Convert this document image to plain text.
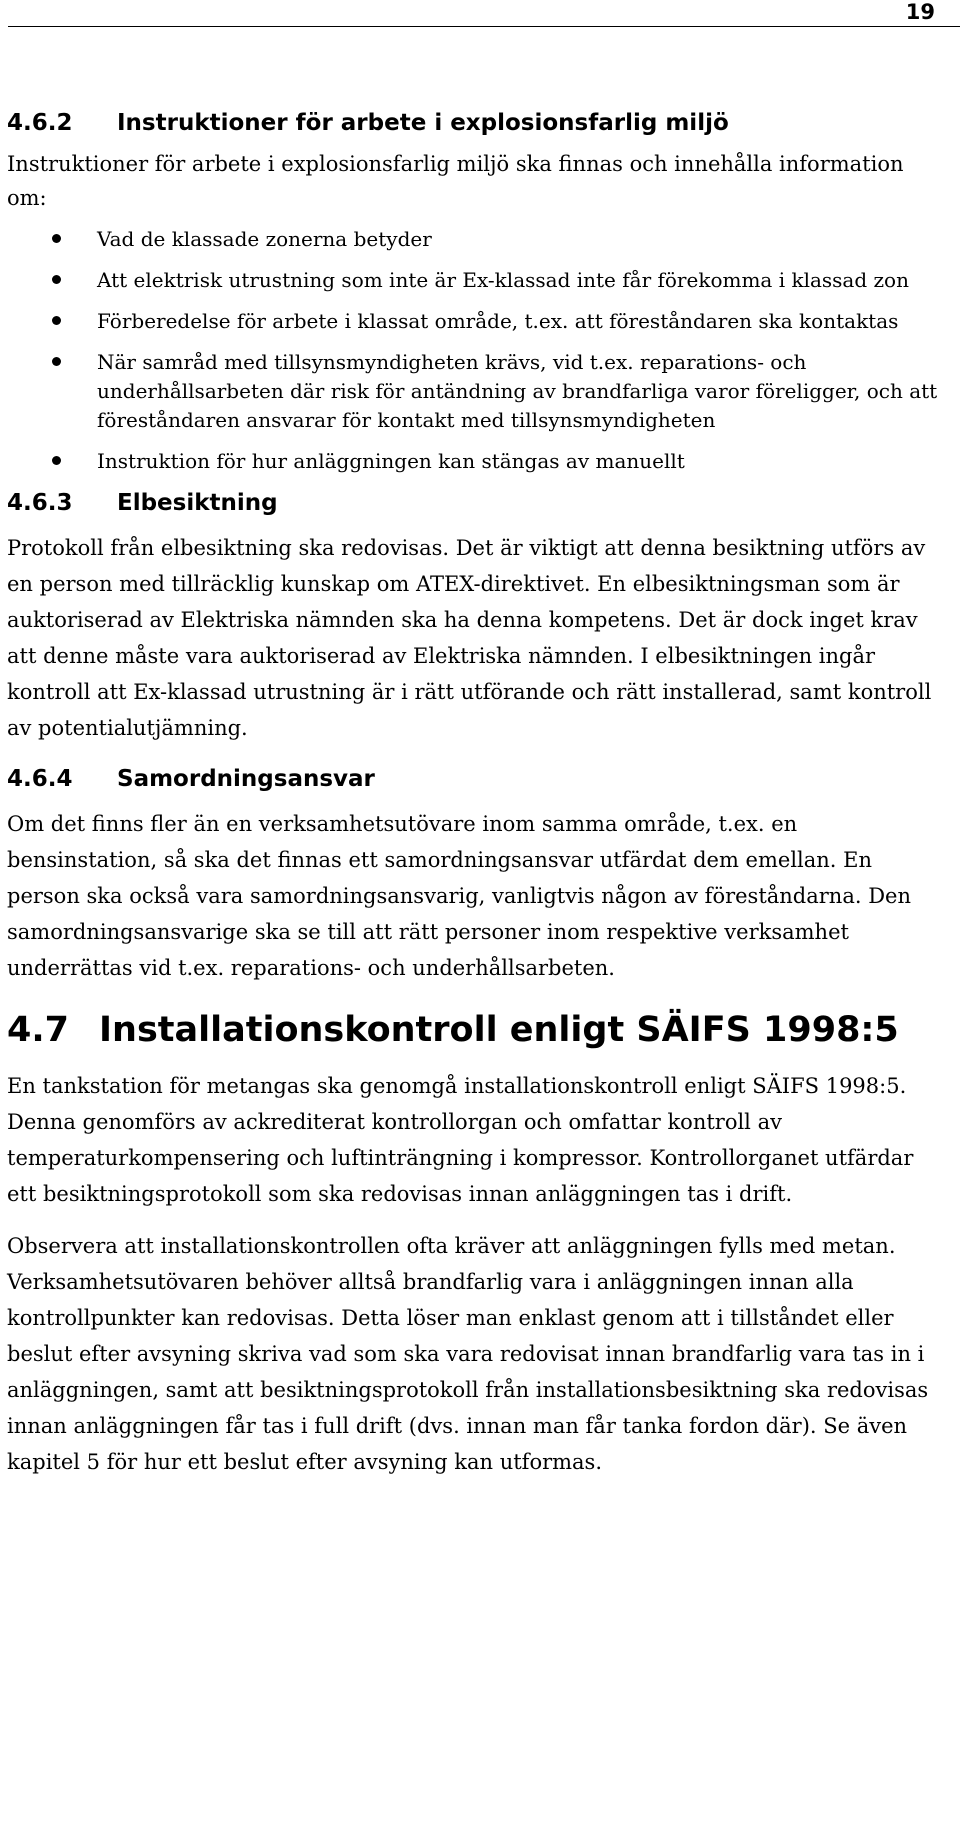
19
4.6.2	Instruktioner för arbete i explosionsfarlig miljö

Instruktioner för arbete i explosionsfarlig miljö ska finnas och innehålla information om:

Vad de klassade zonerna betyder
Att elektrisk utrustning som inte är Ex-klassad inte får förekomma i klassad zon
Förberedelse för arbete i klassat område, t.ex. att föreståndaren ska kontaktas
När samråd med tillsynsmyndigheten krävs, vid t.ex. reparations- och underhållsarbeten där risk för antändning av brandfarliga varor föreligger, och att föreståndaren ansvarar för kontakt med tillsynsmyndigheten
Instruktion för hur anläggningen kan stängas av manuellt
4.6.3	Elbesiktning

Protokoll från elbesiktning ska redovisas. Det är viktigt att denna besiktning utförs av en person med tillräcklig kunskap om ATEX-direktivet. En elbesiktningsman som är auktoriserad av Elektriska nämnden ska ha denna kompetens. Det är dock inget krav att denne måste vara auktoriserad av Elektriska nämnden. I elbesiktningen ingår kontroll att Ex-klassad utrustning är i rätt utförande och rätt installerad, samt kontroll av potentialutjämning.

4.6.4	Samordningsansvar

Om det finns fler än en verksamhetsutövare inom samma område, t.ex. en bensinstation, så ska det finnas ett samordningsansvar utfärdat dem emellan. En person ska också vara samordningsansvarig, vanligtvis någon av föreståndarna. Den samordningsansvarige ska se till att rätt personer inom respektive verksamhet underrättas vid t.ex. reparations- och underhållsarbeten.

4.7 Installationskontroll enligt SÄIFS 1998:5

En tankstation för metangas ska genomgå installationskontroll enligt SÄIFS 1998:5. Denna genomförs av ackrediterat kontrollorgan och omfattar kontroll av temperaturkompensering och luftinträngning i kompressor. Kontrollorganet utfärdar ett besiktningsprotokoll som ska redovisas innan anläggningen tas i drift.

Observera att installationskontrollen ofta kräver att anläggningen fylls med metan. Verksamhetsutövaren behöver alltså brandfarlig vara i anläggningen innan alla kontrollpunkter kan redovisas. Detta löser man enklast genom att i tillståndet eller beslut efter avsyning skriva vad som ska vara redovisat innan brandfarlig vara tas in i anläggningen, samt att besiktningsprotokoll från installationsbesiktning ska redovisas innan anläggningen får tas i full drift (dvs. innan man får tanka fordon där). Se även kapitel 5 för hur ett beslut efter avsyning kan utformas.
